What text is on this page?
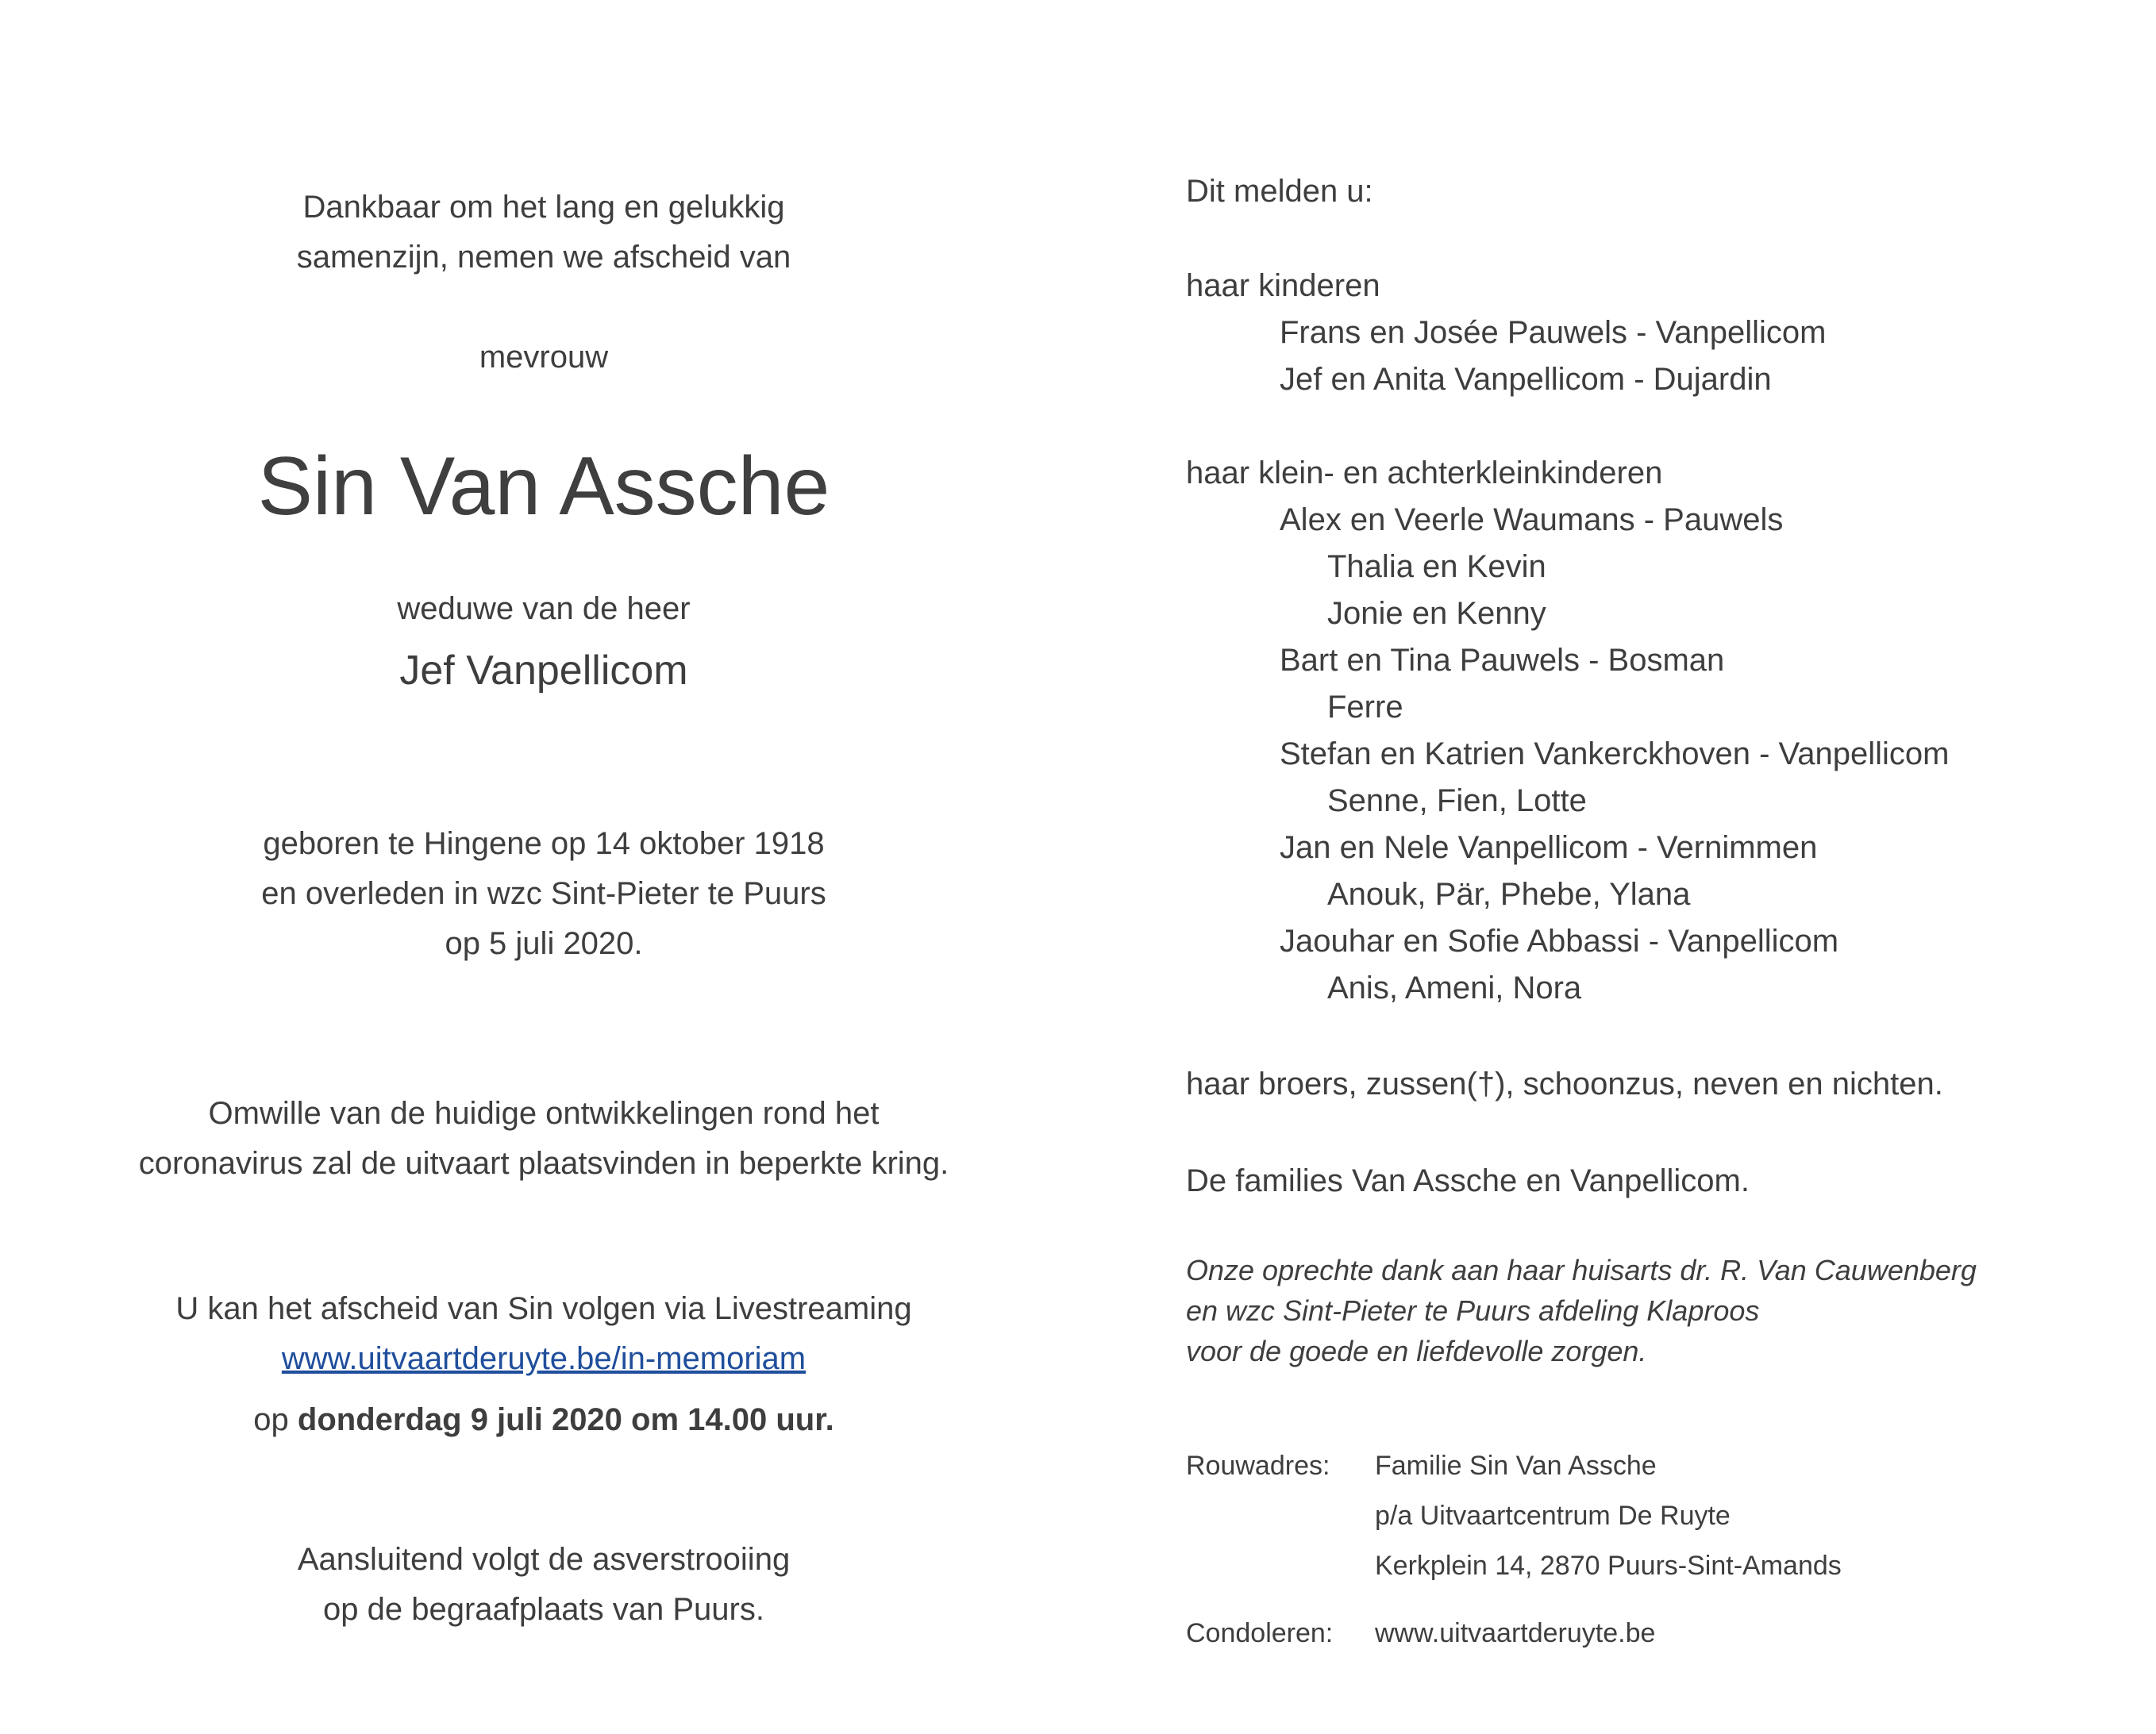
Dankbaar om het lang en gelukkig
samenzijn, nemen we afscheid van
mevrouw
Sin Van Assche
weduwe van de heer
Jef Vanpellicom
geboren te Hingene op 14 oktober 1918
en overleden in wzc Sint-Pieter te Puurs
op 5 juli 2020.
Omwille van de huidige ontwikkelingen rond het
coronavirus zal de uitvaart plaatsvinden in beperkte kring.
U kan het afscheid van Sin volgen via Livestreaming
www.uitvaartderuyte.be/in-memoriam
op donderdag 9 juli 2020 om 14.00 uur.
Aansluitend volgt de asverstrooiing
op de begraafplaats van Puurs.
Dit melden u:
haar kinderen
Frans en Josée Pauwels - Vanpellicom
Jef en Anita Vanpellicom - Dujardin
haar klein- en achterkleinkinderen
Alex en Veerle Waumans - Pauwels
Thalia en Kevin
Jonie en Kenny
Bart en Tina Pauwels - Bosman
Ferre
Stefan en Katrien Vankerckhoven - Vanpellicom
Senne, Fien, Lotte
Jan en Nele Vanpellicom - Vernimmen
Anouk, Pär, Phebe, Ylana
Jaouhar en Sofie Abbassi - Vanpellicom
Anis, Ameni, Nora
haar broers, zussen(†), schoonzus, neven en nichten.
De families Van Assche en Vanpellicom.
Onze oprechte dank aan haar huisarts dr. R. Van Cauwenberg
en wzc Sint-Pieter te Puurs afdeling Klaproos
voor de goede en liefdevolle zorgen.
Rouwadres: Familie Sin Van Assche
p/a Uitvaartcentrum De Ruyte
Kerkplein 14, 2870 Puurs-Sint-Amands
Condoleren: www.uitvaartderuyte.be
